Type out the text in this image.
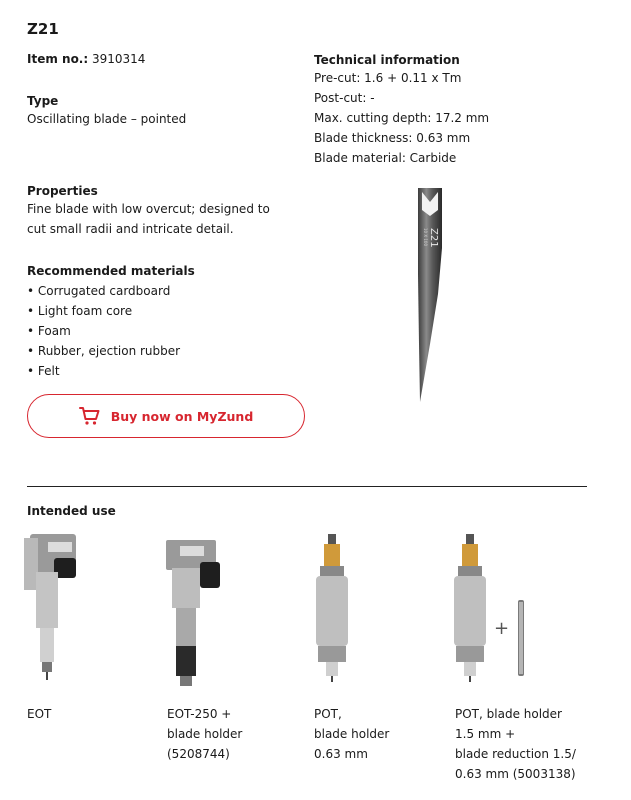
Z21
Item no.: 3910314
Type
Oscillating blade – pointed
Properties
Fine blade with low overcut; designed to
cut small radii and intricate detail.
Recommended materials
• Corrugated cardboard
• Light foam core
• Foam
• Rubber, ejection rubber
• Felt
Technical information
Pre-cut: 1.6 + 0.11 x Tm
Post-cut: -
Max. cutting depth: 17.2 mm
Blade thickness: 0.63 mm
Blade material: Carbide
Z21
10 X 100
Buy now on MyZund
Intended use
+
EOT	EOT-250 +
blade holder
(5208744)
POT,
blade holder
0.63 mm
POT, blade holder
1.5 mm +
blade reduction 1.5/
0.63 mm (5003138)
